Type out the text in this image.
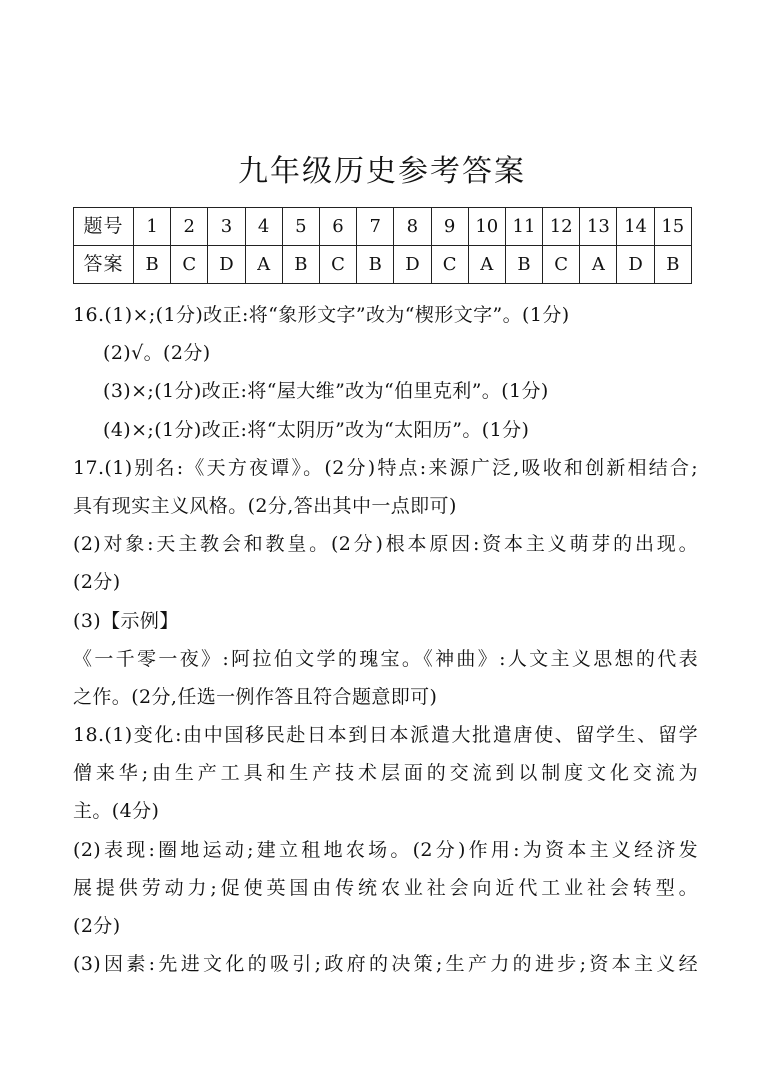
九年级历史参考答案
题号	1	2	3	4	5	6	7	8	9	10	11	12	13	14	15
答案	B	C	D	A	B	C	B	D	C	A	B	C	A	D	B
16.(1)×;(1分)改正:将“象形文字”改为“楔形文字”。(1分)
(2)√。(2分)
(3)×;(1分)改正:将“屋大维”改为“伯里克利”。(1分)
(4)×;(1分)改正:将“太阴历”改为“太阳历”。(1分)
17.(1)别名:《天方夜谭》。(2分)特点:来源广泛,吸收和创新相结合;
具有现实主义风格。(2分,答出其中一点即可)
(2)对象:天主教会和教皇。(2分)根本原因:资本主义萌芽的出现。
(2分)
(3)【示例】
《一千零一夜》:阿拉伯文学的瑰宝。《神曲》:人文主义思想的代表
之作。(2分,任选一例作答且符合题意即可)
18.(1)变化:由中国移民赴日本到日本派遣大批遣唐使、留学生、留学
僧来华;由生产工具和生产技术层面的交流到以制度文化交流为
主。(4分)
(2)表现:圈地运动;建立租地农场。(2分)作用:为资本主义经济发
展提供劳动力;促使英国由传统农业社会向近代工业社会转型。
(2分)
(3)因素:先进文化的吸引;政府的决策;生产力的进步;资本主义经
